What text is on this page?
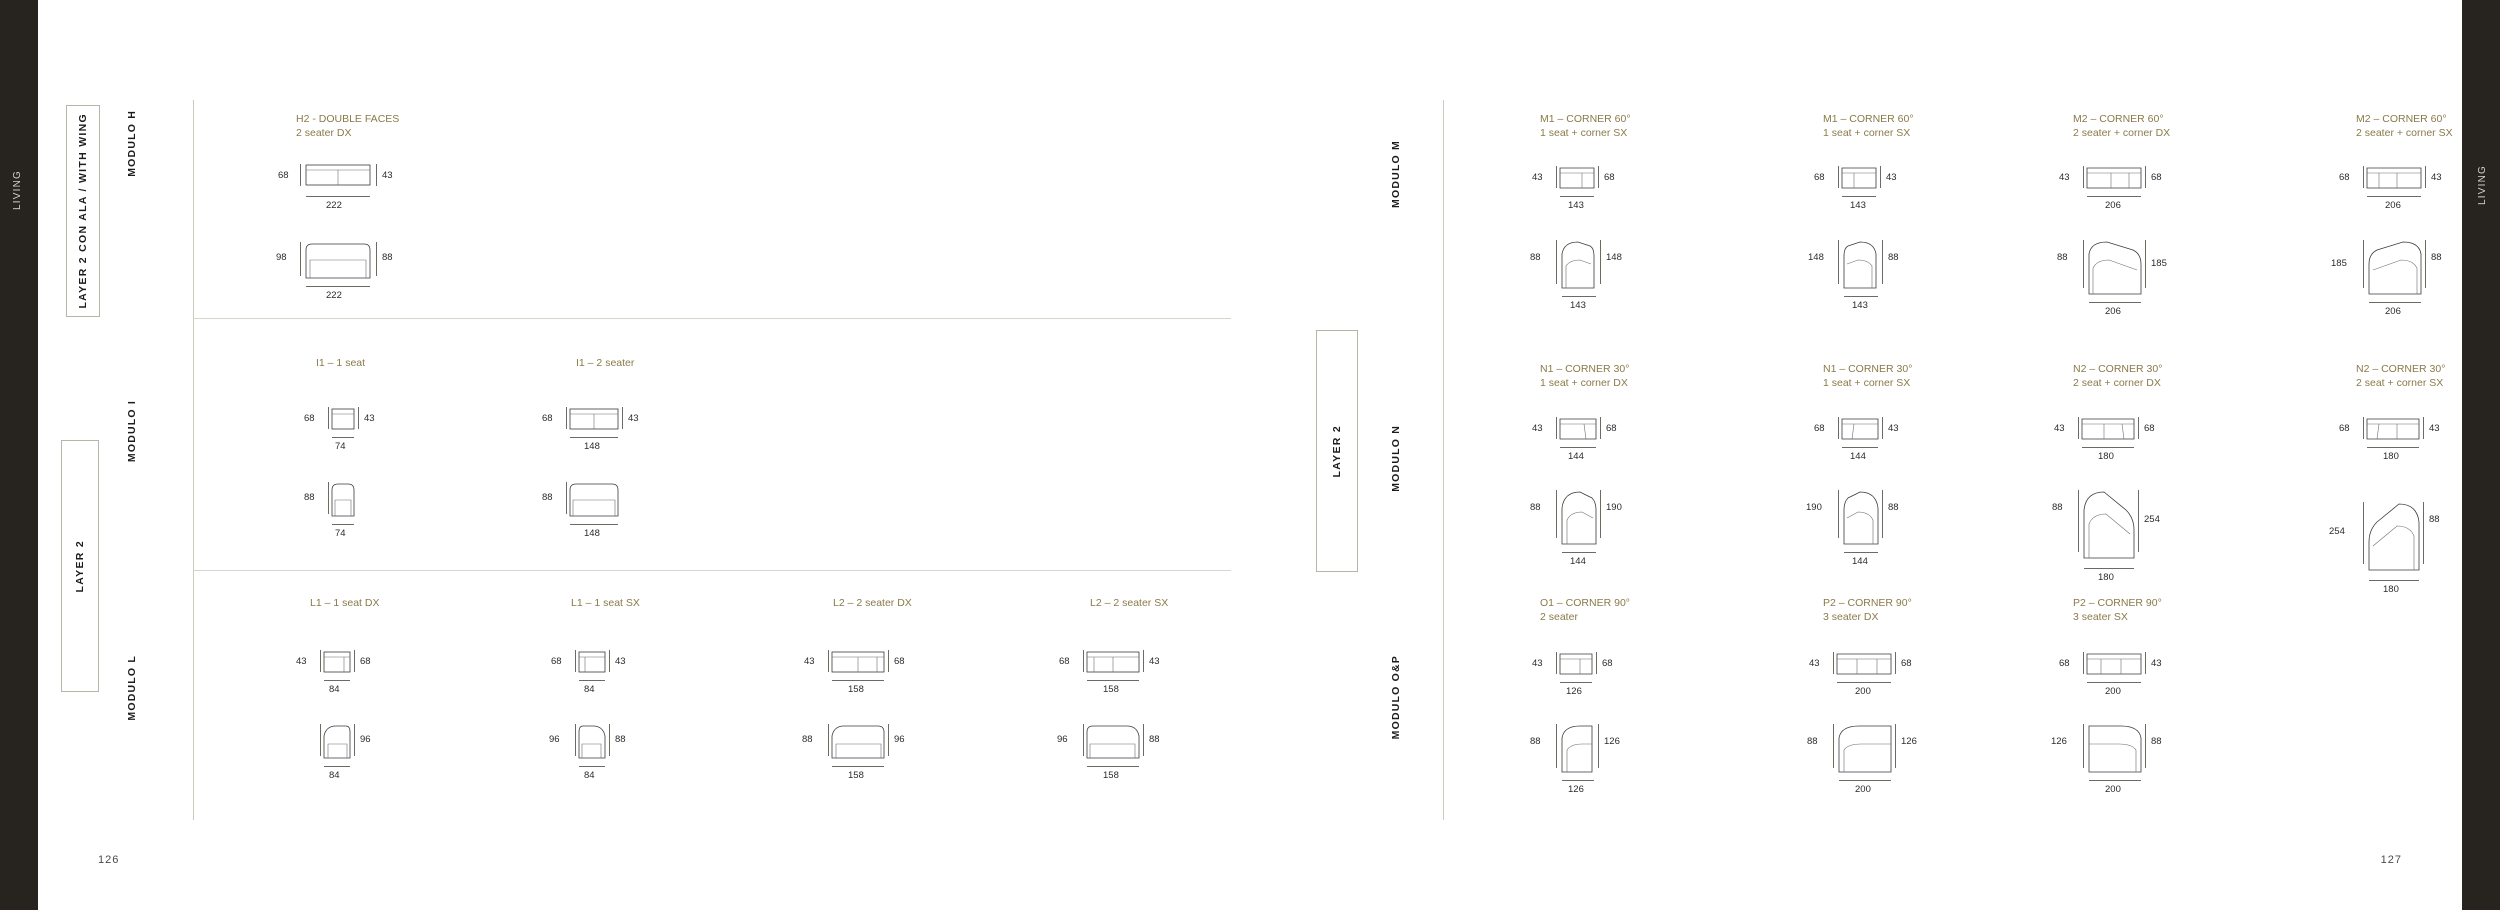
LIVING	LIVING
LAYER 2 CON ALA / WITH WING
LAYER 2
MODULO H
MODULO I
MODULO L
H2 - DOUBLE FACES
2 seater DX
68	43
222
98	88
222
I1 – 1 seat
68	43
74
88
74
I1 – 2 seater
68	43
148
88
148
L1 – 1 seat DX
43	68
84
96
84
L1 – 1 seat SX
68	43
84
96	88
84
L2 – 2 seater DX
43	68
158
88	96
158
L2 – 2 seater SX
68	43
158
96	88
158
126
LAYER 2
MODULO M
MODULO N
MODULO O&P
M1 – CORNER 60°
1 seat + corner SX
43	68
143
88	148
143
M1 – CORNER 60°
1 seat + corner SX
68	43
143
148	88
143
M2 – CORNER 60°
2 seater + corner DX
43	68
206
88
185
206
M2 – CORNER 60°
2 seater + corner SX
68	43
206
185
88
206
N1 – CORNER 30°
1 seat + corner DX
43	68
144
88	190
144
N1 – CORNER 30°
1 seat + corner SX
68	43
144
190	88
144
N2 – CORNER 30°
2 seat + corner DX
43	68
180
88
254
180
N2 – CORNER 30°
2 seat + corner SX
68	43
180
254
88
180
O1 – CORNER 90°
2 seater
43	68
126
88	126
126
P2 – CORNER 90°
3 seater DX
43	68
200
88	126
200
P2 – CORNER 90°
3 seater SX
68	43
200
126	88
200
127
